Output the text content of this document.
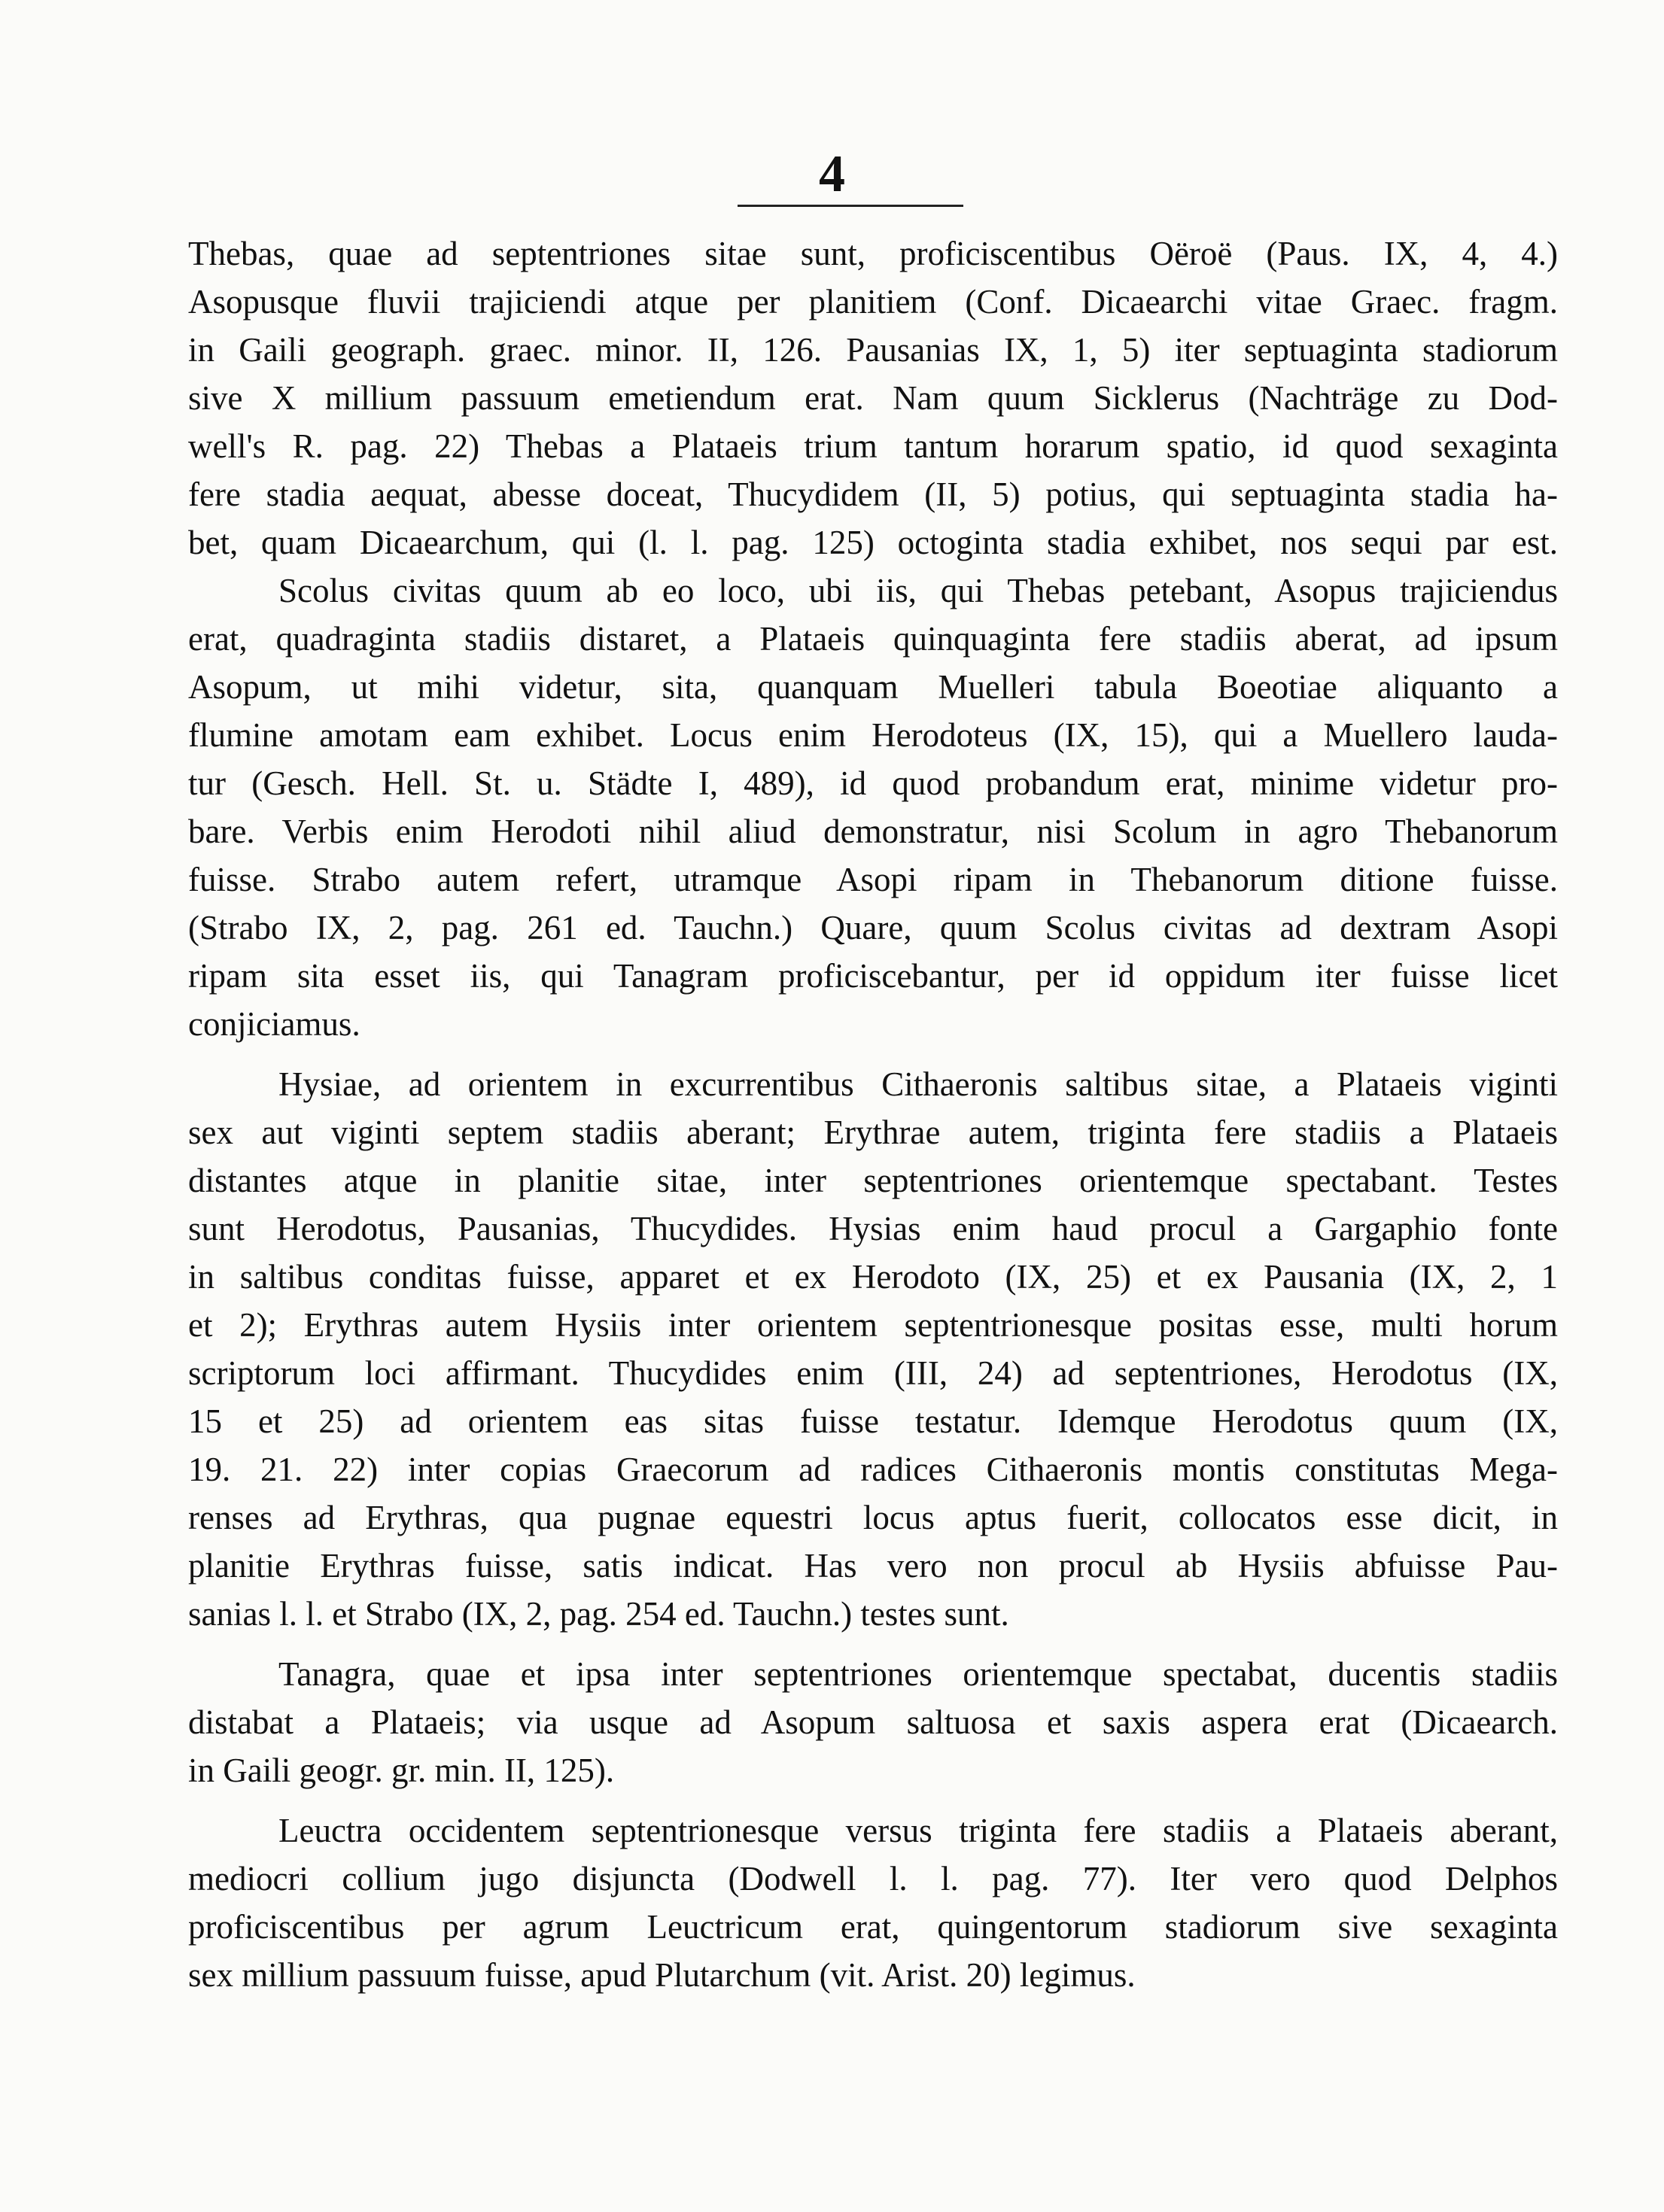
4
Thebas, quae ad septentriones sitae sunt, proficiscentibus Oëroë (Paus. IX, 4, 4.)
Asopusque fluvii trajiciendi atque per planitiem (Conf. Dicaearchi vitae Graec. fragm.
in Gaili geograph. graec. minor. II, 126. Pausanias IX, 1, 5) iter septuaginta stadiorum
sive X millium passuum emetiendum erat. Nam quum Sicklerus (Nachträge zu Dod-
well's R. pag. 22) Thebas a Plataeis trium tantum horarum spatio, id quod sexaginta
fere stadia aequat, abesse doceat, Thucydidem (II, 5) potius, qui septuaginta stadia ha-
bet, quam Dicaearchum, qui (l. l. pag. 125) octoginta stadia exhibet, nos sequi par est.
Scolus civitas quum ab eo loco, ubi iis, qui Thebas petebant, Asopus trajiciendus
erat, quadraginta stadiis distaret, a Plataeis quinquaginta fere stadiis aberat, ad ipsum
Asopum, ut mihi videtur, sita, quanquam Muelleri tabula Boeotiae aliquanto a
flumine amotam eam exhibet. Locus enim Herodoteus (IX, 15), qui a Muellero lauda-
tur (Gesch. Hell. St. u. Städte I, 489), id quod probandum erat, minime videtur pro-
bare. Verbis enim Herodoti nihil aliud demonstratur, nisi Scolum in agro Thebanorum
fuisse. Strabo autem refert, utramque Asopi ripam in Thebanorum ditione fuisse.
(Strabo IX, 2, pag. 261 ed. Tauchn.) Quare, quum Scolus civitas ad dextram Asopi
ripam sita esset iis, qui Tanagram proficiscebantur, per id oppidum iter fuisse licet
conjiciamus.
Hysiae, ad orientem in excurrentibus Cithaeronis saltibus sitae, a Plataeis viginti
sex aut viginti septem stadiis aberant; Erythrae autem, triginta fere stadiis a Plataeis
distantes atque in planitie sitae, inter septentriones orientemque spectabant. Testes
sunt Herodotus, Pausanias, Thucydides. Hysias enim haud procul a Gargaphio fonte
in saltibus conditas fuisse, apparet et ex Herodoto (IX, 25) et ex Pausania (IX, 2, 1
et 2); Erythras autem Hysiis inter orientem septentrionesque positas esse, multi horum
scriptorum loci affirmant. Thucydides enim (III, 24) ad septentriones, Herodotus (IX,
15 et 25) ad orientem eas sitas fuisse testatur. Idemque Herodotus quum (IX,
19. 21. 22) inter copias Graecorum ad radices Cithaeronis montis constitutas Mega-
renses ad Erythras, qua pugnae equestri locus aptus fuerit, collocatos esse dicit, in
planitie Erythras fuisse, satis indicat. Has vero non procul ab Hysiis abfuisse Pau-
sanias l. l. et Strabo (IX, 2, pag. 254 ed. Tauchn.) testes sunt.
Tanagra, quae et ipsa inter septentriones orientemque spectabat, ducentis stadiis
distabat a Plataeis; via usque ad Asopum saltuosa et saxis aspera erat (Dicaearch.
in Gaili geogr. gr. min. II, 125).
Leuctra occidentem septentrionesque versus triginta fere stadiis a Plataeis aberant,
mediocri collium jugo disjuncta (Dodwell l. l. pag. 77). Iter vero quod Delphos
proficiscentibus per agrum Leuctricum erat, quingentorum stadiorum sive sexaginta
sex millium passuum fuisse, apud Plutarchum (vit. Arist. 20) legimus.
